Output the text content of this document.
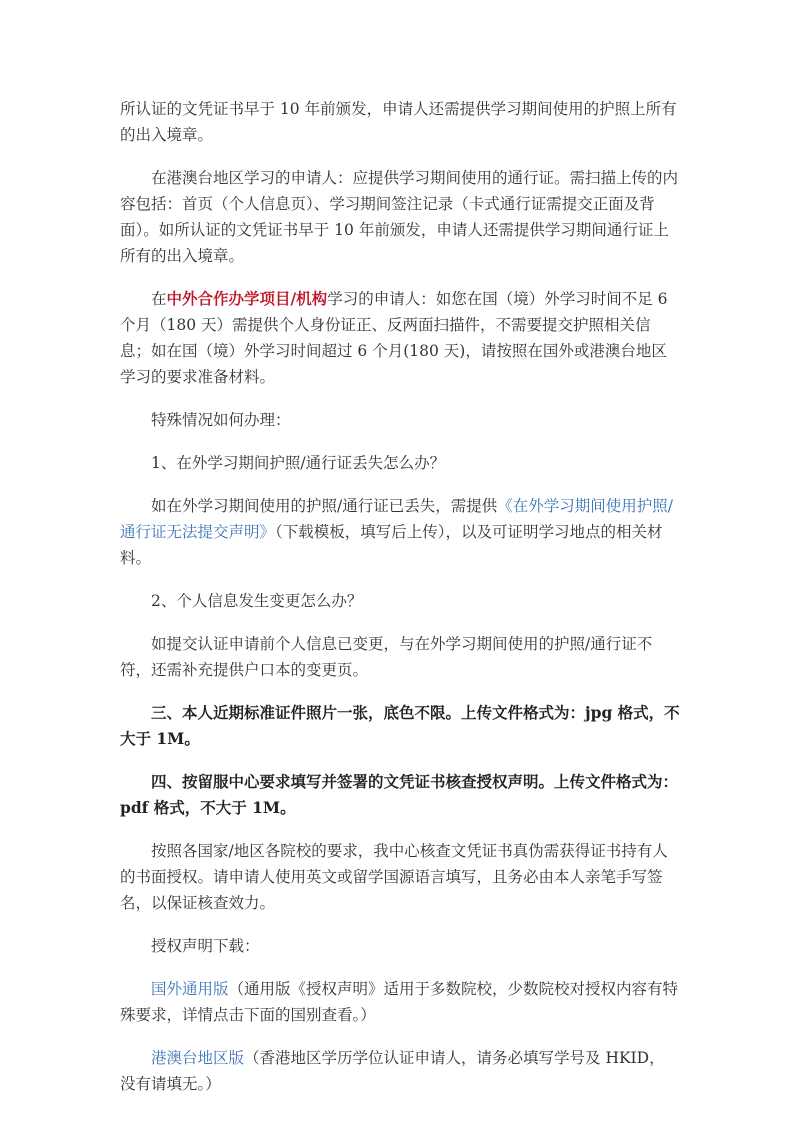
所认证的文凭证书早于 10 年前颁发，申请人还需提供学习期间使用的护照上所有的出入境章。

在港澳台地区学习的申请人：应提供学习期间使用的通行证。需扫描上传的内容包括：首页（个人信息页）、学习期间签注记录（卡式通行证需提交正面及背面）。如所认证的文凭证书早于 10 年前颁发，申请人还需提供学习期间通行证上所有的出入境章。

在中外合作办学项目/机构学习的申请人：如您在国（境）外学习时间不足 6 个月（180 天）需提供个人身份证正、反两面扫描件，不需要提交护照相关信息；如在国（境）外学习时间超过 6 个月(180 天)，请按照在国外或港澳台地区学习的要求准备材料。

特殊情况如何办理：

1、在外学习期间护照/通行证丢失怎么办？

如在外学习期间使用的护照/通行证已丢失，需提供《在外学习期间使用护照/通行证无法提交声明》（下载模板，填写后上传），以及可证明学习地点的相关材料。

2、个人信息发生变更怎么办？

如提交认证申请前个人信息已变更，与在外学习期间使用的护照/通行证不符，还需补充提供户口本的变更页。

三、本人近期标准证件照片一张，底色不限。上传文件格式为：jpg 格式，不大于 1M。

四、按留服中心要求填写并签署的文凭证书核查授权声明。上传文件格式为：pdf 格式，不大于 1M。

按照各国家/地区各院校的要求，我中心核查文凭证书真伪需获得证书持有人的书面授权。请申请人使用英文或留学国源语言填写，且务必由本人亲笔手写签名，以保证核查效力。

授权声明下载：

国外通用版（通用版《授权声明》适用于多数院校，少数院校对授权内容有特殊要求，详情点击下面的国别查看。）

港澳台地区版（香港地区学历学位认证申请人，请务必填写学号及 HKID，没有请填无。）
